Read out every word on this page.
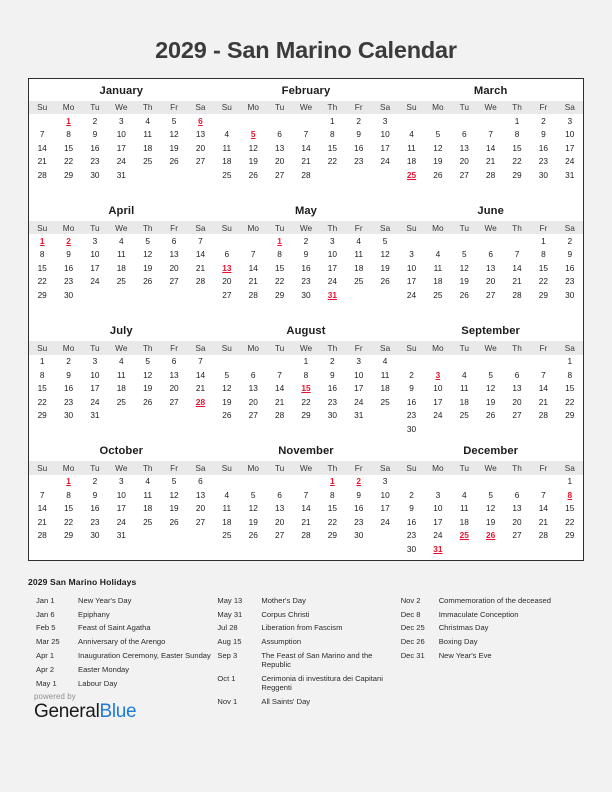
2029 - San Marino Calendar
January
Su	Mo	Tu	We	Th	Fr	Sa
	1	2	3	4	5	6
7	8	9	10	11	12	13
14	15	16	17	18	19	20
21	22	23	24	25	26	27
28	29	30	31			

February
Su	Mo	Tu	We	Th	Fr	Sa
				1	2	3
4	5	6	7	8	9	10
11	12	13	14	15	16	17
18	19	20	21	22	23	24
25	26	27	28			

March
Su	Mo	Tu	We	Th	Fr	Sa
				1	2	3
4	5	6	7	8	9	10
11	12	13	14	15	16	17
18	19	20	21	22	23	24
25	26	27	28	29	30	31

April
Su	Mo	Tu	We	Th	Fr	Sa
1	2	3	4	5	6	7
8	9	10	11	12	13	14
15	16	17	18	19	20	21
22	23	24	25	26	27	28
29	30					

May
Su	Mo	Tu	We	Th	Fr	Sa
		1	2	3	4	5
6	7	8	9	10	11	12
13	14	15	16	17	18	19
20	21	22	23	24	25	26
27	28	29	30	31		

June
Su	Mo	Tu	We	Th	Fr	Sa
					1	2
3	4	5	6	7	8	9
10	11	12	13	14	15	16
17	18	19	20	21	22	23
24	25	26	27	28	29	30

July
Su	Mo	Tu	We	Th	Fr	Sa
1	2	3	4	5	6	7
8	9	10	11	12	13	14
15	16	17	18	19	20	21
22	23	24	25	26	27	28
29	30	31				

August
Su	Mo	Tu	We	Th	Fr	Sa
			1	2	3	4
5	6	7	8	9	10	11
12	13	14	15	16	17	18
19	20	21	22	23	24	25
26	27	28	29	30	31	

September
Su	Mo	Tu	We	Th	Fr	Sa
						1
2	3	4	5	6	7	8
9	10	11	12	13	14	15
16	17	18	19	20	21	22
23	24	25	26	27	28	29
30						

October
Su	Mo	Tu	We	Th	Fr	Sa
	1	2	3	4	5	6
7	8	9	10	11	12	13
14	15	16	17	18	19	20
21	22	23	24	25	26	27
28	29	30	31			

November
Su	Mo	Tu	We	Th	Fr	Sa
				1	2	3
4	5	6	7	8	9	10
11	12	13	14	15	16	17
18	19	20	21	22	23	24
25	26	27	28	29	30	

December
Su	Mo	Tu	We	Th	Fr	Sa
						1
2	3	4	5	6	7	8
9	10	11	12	13	14	15
16	17	18	19	20	21	22
23	24	25	26	27	28	29
30	31					
2029 San Marino Holidays
Jan 1	New Year's Day
Jan 6	Epiphany
Feb 5	Feast of Saint Agatha
Mar 25	Anniversary of the Arengo
Apr 1	Inauguration Ceremony, Easter Sunday
Apr 2	Easter Monday
May 1	Labour Day
May 13	Mother's Day
May 31	Corpus Christi
Jul 28	Liberation from Fascism
Aug 15	Assumption
Sep 3	The Feast of San Marino and the Republic
Oct 1	Cerimonia di investitura dei Capitani Reggenti
Nov 1	All Saints' Day
Nov 2	Commemoration of the deceased
Dec 8	Immaculate Conception
Dec 25	Christmas Day
Dec 26	Boxing Day
Dec 31	New Year's Eve
powered by
GeneralBlue
